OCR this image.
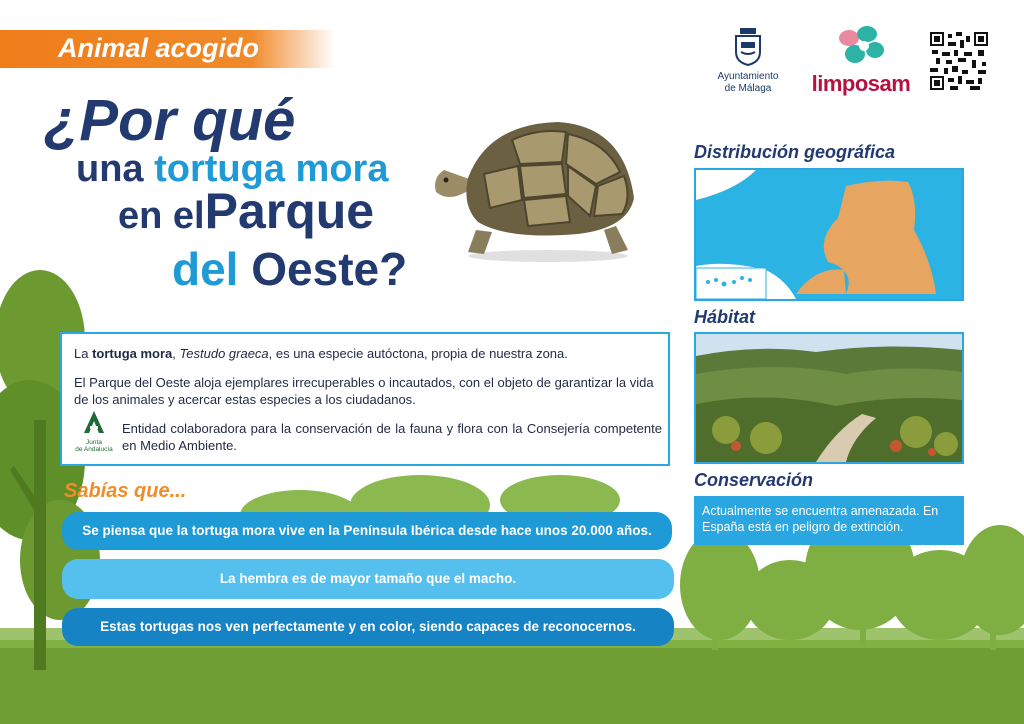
Animal acogido
Ayuntamiento
de Málaga	limposam
¿Por qué
una tortuga mora
en elParque
del Oeste?

La tortuga mora, Testudo graeca, es una especie autóctona, propia de nuestra zona.

El Parque del Oeste aloja ejemplares irrecuperables o incautados, con el objeto de garantizar la vida de los animales y acercar estas especies a los ciudadanos.

Junta
de Andalucía

Entidad colaboradora para la conservación de la fauna y flora con la Consejería competente en Medio Ambiente.

Sabías que...
Se piensa que la tortuga mora vive en la Península Ibérica desde hace unos 20.000 años.
La hembra es de mayor tamaño que el macho.
Estas tortugas nos ven perfectamente y en color, siendo capaces de reconocernos.
Distribución geográfica
Hábitat
Conservación
Actualmente se encuentra amenazada. En España está en peligro de extinción.
